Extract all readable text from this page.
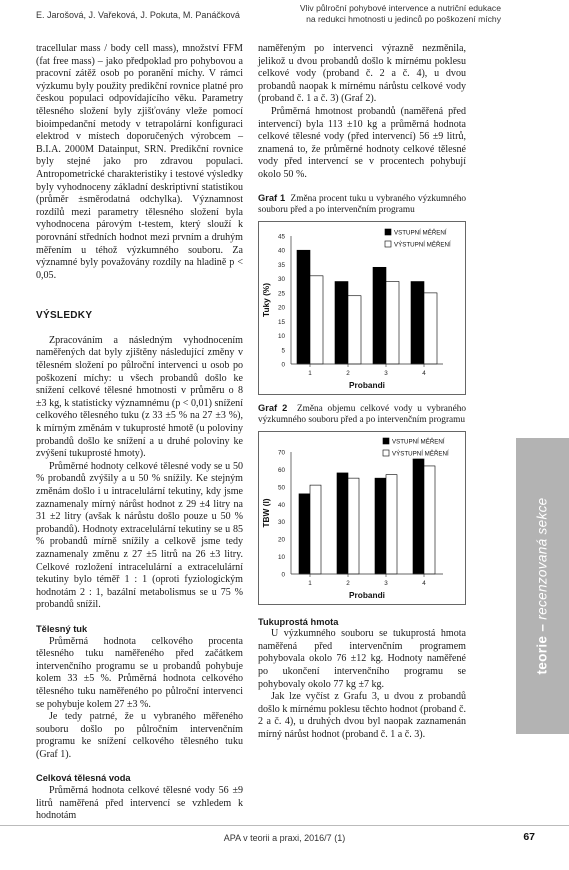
E. Jarošová, J. Vařeková, J. Pokuta, M. Panáčková
Vliv půlroční pohybové intervence a nutriční edukace
na redukci hmotnosti u jedinců po poškození míchy

tracellular mass / body cell mass), množství FFM (fat free mass) – jako předpoklad pro pohybovou a pracovní zátěž osob po poranění míchy. V rámci výzkumu byly použity predikční rovnice platné pro českou populaci odpovídajícího věku. Parametry tělesného složení byly zjišťovány vleže pomocí bioimpedanční metody v tetrapolární konfiguraci elektrod v místech doporučených výrobcem – B.I.A. 2000M Datainput, SRN. Predikční rovnice byly stejné jako pro zdravou populaci. Antropometrické charakteristiky i testové výsledky byly vyhodnoceny základní deskriptivní statistikou (průměr ±směrodatná odchylka). Významnost rozdílů mezi parametry tělesného složení byla vyhodnocena párovým t-testem, který slouží k porovnání středních hodnot mezi prvním a druhým měřením u téhož výzkumného souboru. Za významné byly považovány rozdíly na hladině p < 0,05.

VÝSLEDKY

Zpracováním a následným vyhodnocením naměřených dat byly zjištěny následující změny v tělesném složení po půlroční intervenci u osob po poškození míchy: u všech probandů došlo ke snížení celkové tělesné hmotnosti v průměru o 8 ±3 kg, k statisticky významnému (p < 0,01) snížení celkového tělesného tuku (z 33 ±5 % na 27 ±3 %), k mírným změnám v tukuprosté hmotě (u poloviny probandů došlo ke snížení a u druhé poloviny ke zvýšení tukuprosté hmoty).

Průměrné hodnoty celkové tělesné vody se u 50 % probandů zvýšily a u 50 % snížily. Ke stejným změnám došlo i u intracelulární tekutiny, kdy jsme zaznamenaly mírný nárůst hodnot z 29 ±4 litry na 31 ±2 litry (avšak k nárůstu došlo pouze u 50 % probandů). Hodnoty extracelulární tekutiny se u 85 % probandů mírně snížily a celkově jsme tedy zaznamenaly změnu z 27 ±5 litrů na 26 ±3 litry. Celkové rozložení intracelulární a extracelulární tekutiny bylo téměř 1 : 1 (oproti fyziologickým hodnotám 2 : 1, bazální metabolismus se u 75 % probandů snížil.

Tělesný tuk

Průměrná hodnota celkového procenta tělesného tuku naměřeného před začátkem intervenčního programu se u probandů pohybuje kolem 33 ±5 %. Průměrná hodnota celkového tělesného tuku naměřeného po půlroční intervenci se pohybuje kolem 27 ±3 %.

Je tedy patrné, že u vybraného měřeného souboru došlo po půlročním intervenčním programu ke snížení celkového tělesného tuku (Graf 1).

Celková tělesná voda

Průměrná hodnota celkové tělesné vody 56 ±9 litrů naměřená před intervencí se vzhledem k hodnotám

naměřeným po intervenci výrazně nezměnila, jelikož u dvou probandů došlo k mírnému poklesu celkové vody (proband č. 2 a č. 4), u dvou probandů naopak k mírnému nárůstu celkové vody (proband č. 1 a č. 3) (Graf 2).

Průměrná hmotnost probandů (naměřená před intervencí) byla 113 ±10 kg a průměrná hodnota celkové tělesné vody (před intervencí) 56 ±9 litrů, znamená to, že průměrné hodnoty celkové tělesné vody před intervencí se v procentech pohybují okolo 50 %.

Graf 1 Změna procent tuku u vybraného výzkumného souboru před a po intervenčním programu

0
5
10
15
20
25
30
35
40
45
1	2	3	4
Probandi
Tuky (%)
VSTUPNÍ MĚŘENÍ
VÝSTUPNÍ MĚŘENÍ

Graf 2 Změna objemu celkové vody u vybraného výzkumného souboru před a po intervenčním programu

0
10
20
30
40
50
60
70
1	2	3	4
Probandi
TBW (l)
VSTUPNÍ MĚŘENÍ
VÝSTUPNÍ MĚŘENÍ

Tukuprostá hmota

U výzkumného souboru se tukuprostá hmota naměřená před intervenčním programem pohybovala okolo 76 ±12 kg. Hodnoty naměřené po ukončení intervenčního programu se pohybovaly okolo 77 kg ±7 kg.

Jak lze vyčíst z Grafu 3, u dvou z probandů došlo k mírnému poklesu těchto hodnot (proband č. 2 a č. 4), u druhých dvou byl naopak zaznamenán mírný nárůst hodnot (proband č. 1 a č. 3).

teorie – recenzovaná sekce
APA v teorii a praxi, 2016/7 (1)	67
